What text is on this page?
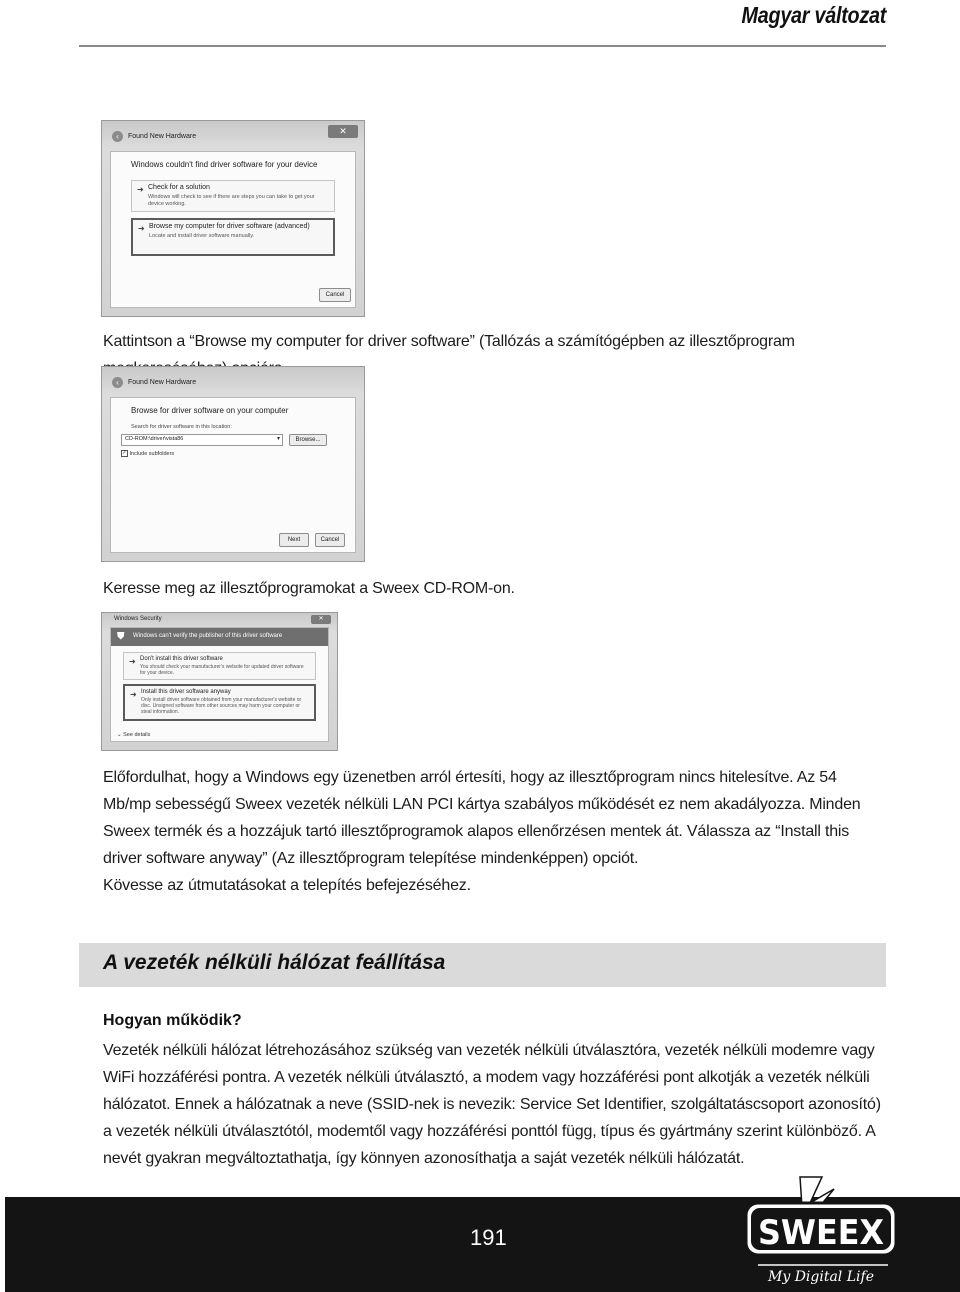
Magyar változat
‹	Found New Hardware
✕
Windows couldn't find driver software for your device
➜ Check for a solution
Windows will check to see if there are steps you can take to get your device working.
➜ Browse my computer for driver software (advanced)
Locate and install driver software manually.
Cancel
Kattintson a “Browse my computer for driver software” (Tallózás a számítógépben az illesztőprogram
‹	Found New Hardware
Browse for driver software on your computer
Search for driver software in this location:
CD-ROM:\driver\vista86	▾	Browse...
✓ Include subfolders
Next	Cancel
Keresse meg az illesztőprogramokat a Sweex CD-ROM-on.
Windows Security	✕
⛊ Windows can't verify the publisher of this driver software
➜ Don't install this driver software
You should check your manufacturer's website for updated driver software for your device.
➜ Install this driver software anyway
Only install driver software obtained from your manufacturer's website or disc. Unsigned software from other sources may harm your computer or steal information.
⌄ See details

Előfordulhat, hogy a Windows egy üzenetben arról értesíti, hogy az illesztőprogram nincs hitelesítve. Az 54 Mb/mp sebességű Sweex vezeték nélküli LAN PCI kártya szabályos működését ez nem akadályozza. Minden Sweex termék és a hozzájuk tartó illesztőprogramok alapos ellenőrzésen mentek át. Válassza az “Install this driver software anyway” (Az illesztőprogram telepítése mindenképpen) opciót.

Kövesse az útmutatásokat a telepítés befejezéséhez.

A vezeték nélküli hálózat feállítása
Hogyan működik?
Vezeték nélküli hálózat létrehozásához szükség van vezeték nélküli útválasztóra, vezeték nélküli modemre vagy WiFi hozzáférési pontra. A vezeték nélküli útválasztó, a modem vagy hozzáférési pont alkotják a vezeték nélküli hálózatot. Ennek a hálózatnak a neve (SSID-nek is nevezik: Service Set Identifier, szolgáltatáscsoport azonosító) a vezeték nélküli útválasztótól, modemtől vagy hozzáférési ponttól függ, típus és gyártmány szerint különböző. A nevét gyakran megváltoztathatja, így könnyen azonosíthatja a saját vezeték nélküli hálózatát.
191	SWEEX
My Digital Life
